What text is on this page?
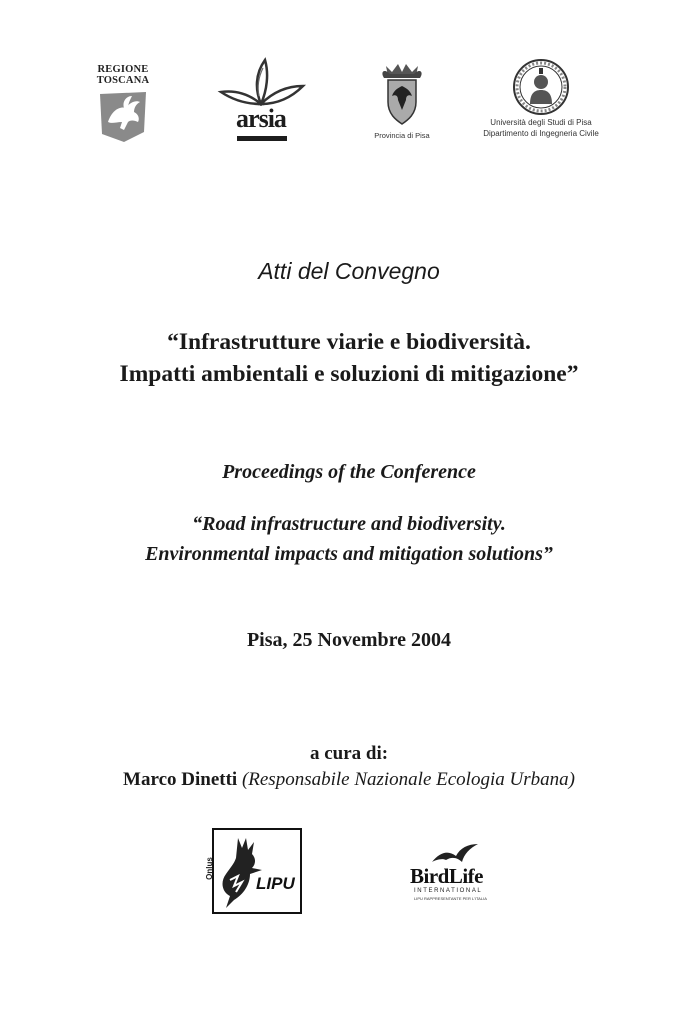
REGIONE
TOSCANA
arsia
Provincia di Pisa
Università degli Studi di Pisa
Dipartimento di Ingegneria Civile
Atti del Convegno
“Infrastrutture viarie e biodiversità.
Impatti ambientali e soluzioni di mitigazione”
Proceedings of the Conference
“Road infrastructure and biodiversity.
Environmental impacts and mitigation solutions”
Pisa, 25 Novembre 2004
a cura di:
Marco Dinetti (Responsabile Nazionale Ecologia Urbana)
Onlus
LIPU	BirdLife
INTERNATIONAL
LIPU RAPPRESENTANTE PER L'ITALIA
